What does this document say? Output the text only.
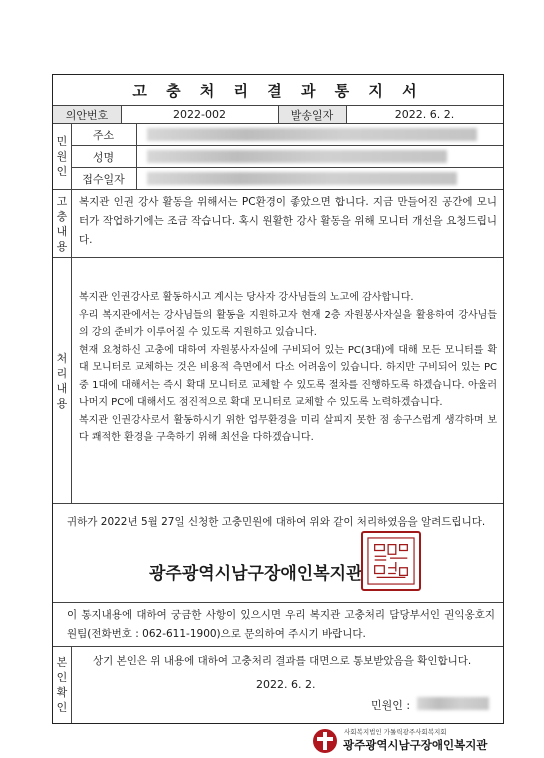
고 충 처 리 결 과 통 지 서
의안번호	2022-002	발송일자	2022. 6. 2.
민
원
인
주소
성명
접수일자
고
충
내
용

복지관 인권 강사 활동을 위해서는 PC환경이 좋았으면 합니다. 지금 만들어진 공간에 모니터가 작업하기에는 조금 작습니다. 혹시 원활한 강사 활동을 위해 모니터 개선을 요청드립니다.

처
리
내
용

복지관 인권강사로 활동하시고 계시는 당사자 강사님들의 노고에 감사합니다.

우리 복지관에서는 강사님들의 활동을 지원하고자 현재 2층 자원봉사자실을 활용하여 강사님들의 강의 준비가 이루어질 수 있도록 지원하고 있습니다.

현재 요청하신 고충에 대하여 자원봉사자실에 구비되어 있는 PC(3대)에 대해 모든 모니터를 확대 모니터로 교체하는 것은 비용적 측면에서 다소 어려움이 있습니다. 하지만 구비되어 있는 PC 중 1대에 대해서는 즉시 확대 모니터로 교체할 수 있도록 절차를 진행하도록 하겠습니다. 아울러 나머지 PC에 대해서도 점진적으로 확대 모니터로 교체할 수 있도록 노력하겠습니다.

복지관 인권강사로서 활동하시기 위한 업무환경을 미리 살피지 못한 점 송구스럽게 생각하며 보다 쾌적한 환경을 구축하기 위해 최선을 다하겠습니다.

귀하가 2022년 5월 27일 신청한 고충민원에 대하여 위와 같이 처리하였음을 알려드립니다.

광주광역시남구장애인복지관

이 통지내용에 대하여 궁금한 사항이 있으시면 우리 복지관 고충처리 담당부서인 권익옹호지원팀(전화번호 : 062-611-1900)으로 문의하여 주시기 바랍니다.

본
인
확
인
상기 본인은 위 내용에 대하여 고충처리 결과를 대면으로 통보받았음을 확인합니다.
2022. 6. 2.
민원인 :
사회복지법인 가톨릭광주사회복지회
광주광역시남구장애인복지관
